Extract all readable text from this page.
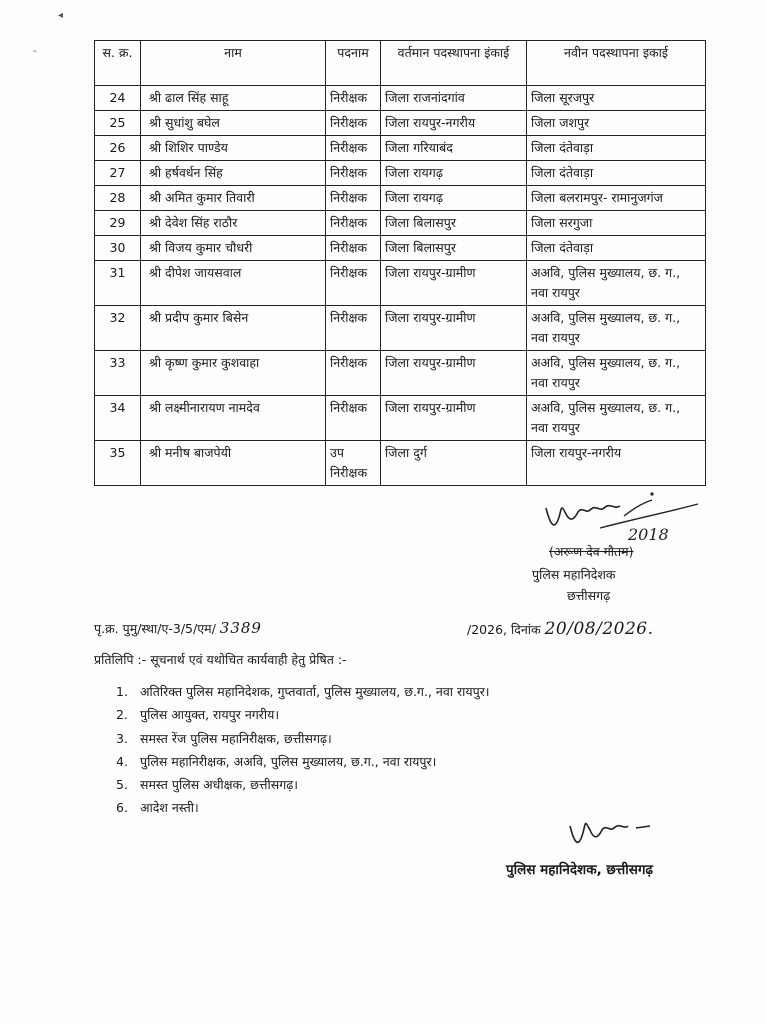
◂
-	स. क्र.	नाम	पदनाम	वर्तमान पदस्थापना इंकाई	नवीन पदस्थापना इकाई
24	श्री ढाल सिंह साहू	निरीक्षक	जिला राजनांदगांव	जिला सूरजपुर
25	श्री सुधांशु बघेल	निरीक्षक	जिला रायपुर-नगरीय	जिला जशपुर
26	श्री शिशिर पाण्डेय	निरीक्षक	जिला गरियाबंद	जिला दंतेवाड़ा
27	श्री हर्षवर्धन सिंह	निरीक्षक	जिला रायगढ़	जिला दंतेवाड़ा
28	श्री अमित कुमार तिवारी	निरीक्षक	जिला रायगढ़	जिला बलरामपुर- रामानुजगंज
29	श्री देवेश सिंह राठौर	निरीक्षक	जिला बिलासपुर	जिला सरगुजा
30	श्री विजय कुमार चौधरी	निरीक्षक	जिला बिलासपुर	जिला दंतेवाड़ा
31	श्री दीपेश जायसवाल	निरीक्षक	जिला रायपुर-ग्रामीण	अअवि, पुलिस मुख्यालय, छ. ग., नवा रायपुर
32	श्री प्रदीप कुमार बिसेन	निरीक्षक	जिला रायपुर-ग्रामीण	अअवि, पुलिस मुख्यालय, छ. ग., नवा रायपुर
33	श्री कृष्ण कुमार कुशवाहा	निरीक्षक	जिला रायपुर-ग्रामीण	अअवि, पुलिस मुख्यालय, छ. ग., नवा रायपुर
34	श्री लक्ष्मीनारायण नामदेव	निरीक्षक	जिला रायपुर-ग्रामीण	अअवि, पुलिस मुख्यालय, छ. ग., नवा रायपुर
35	श्री मनीष बाजपेयी	उप निरीक्षक	जिला दुर्ग	जिला रायपुर-नगरीय
2018
(अरूण देव गौतम)
पुलिस महानिदेशक
छत्तीसगढ़
पृ.क्र. पुमु/स्था/ए-3/5/एम/ 3389	/2026, दिनांक 20/08/2026.
प्रतिलिपि :- सूचनार्थ एवं यथोचित कार्यवाही हेतु प्रेषित :-
1. अतिरिक्त पुलिस महानिदेशक, गुप्तवार्ता, पुलिस मुख्यालय, छ.ग., नवा रायपुर।
2. पुलिस आयुक्त, रायपुर नगरीय।
3. समस्त रेंज पुलिस महानिरीक्षक, छत्तीसगढ़।
4. पुलिस महानिरीक्षक, अअवि, पुलिस मुख्यालय, छ.ग., नवा रायपुर।
5. समस्त पुलिस अधीक्षक, छत्तीसगढ़।
6. आदेश नस्ती।
पुलिस महानिदेशक, छत्तीसगढ़
